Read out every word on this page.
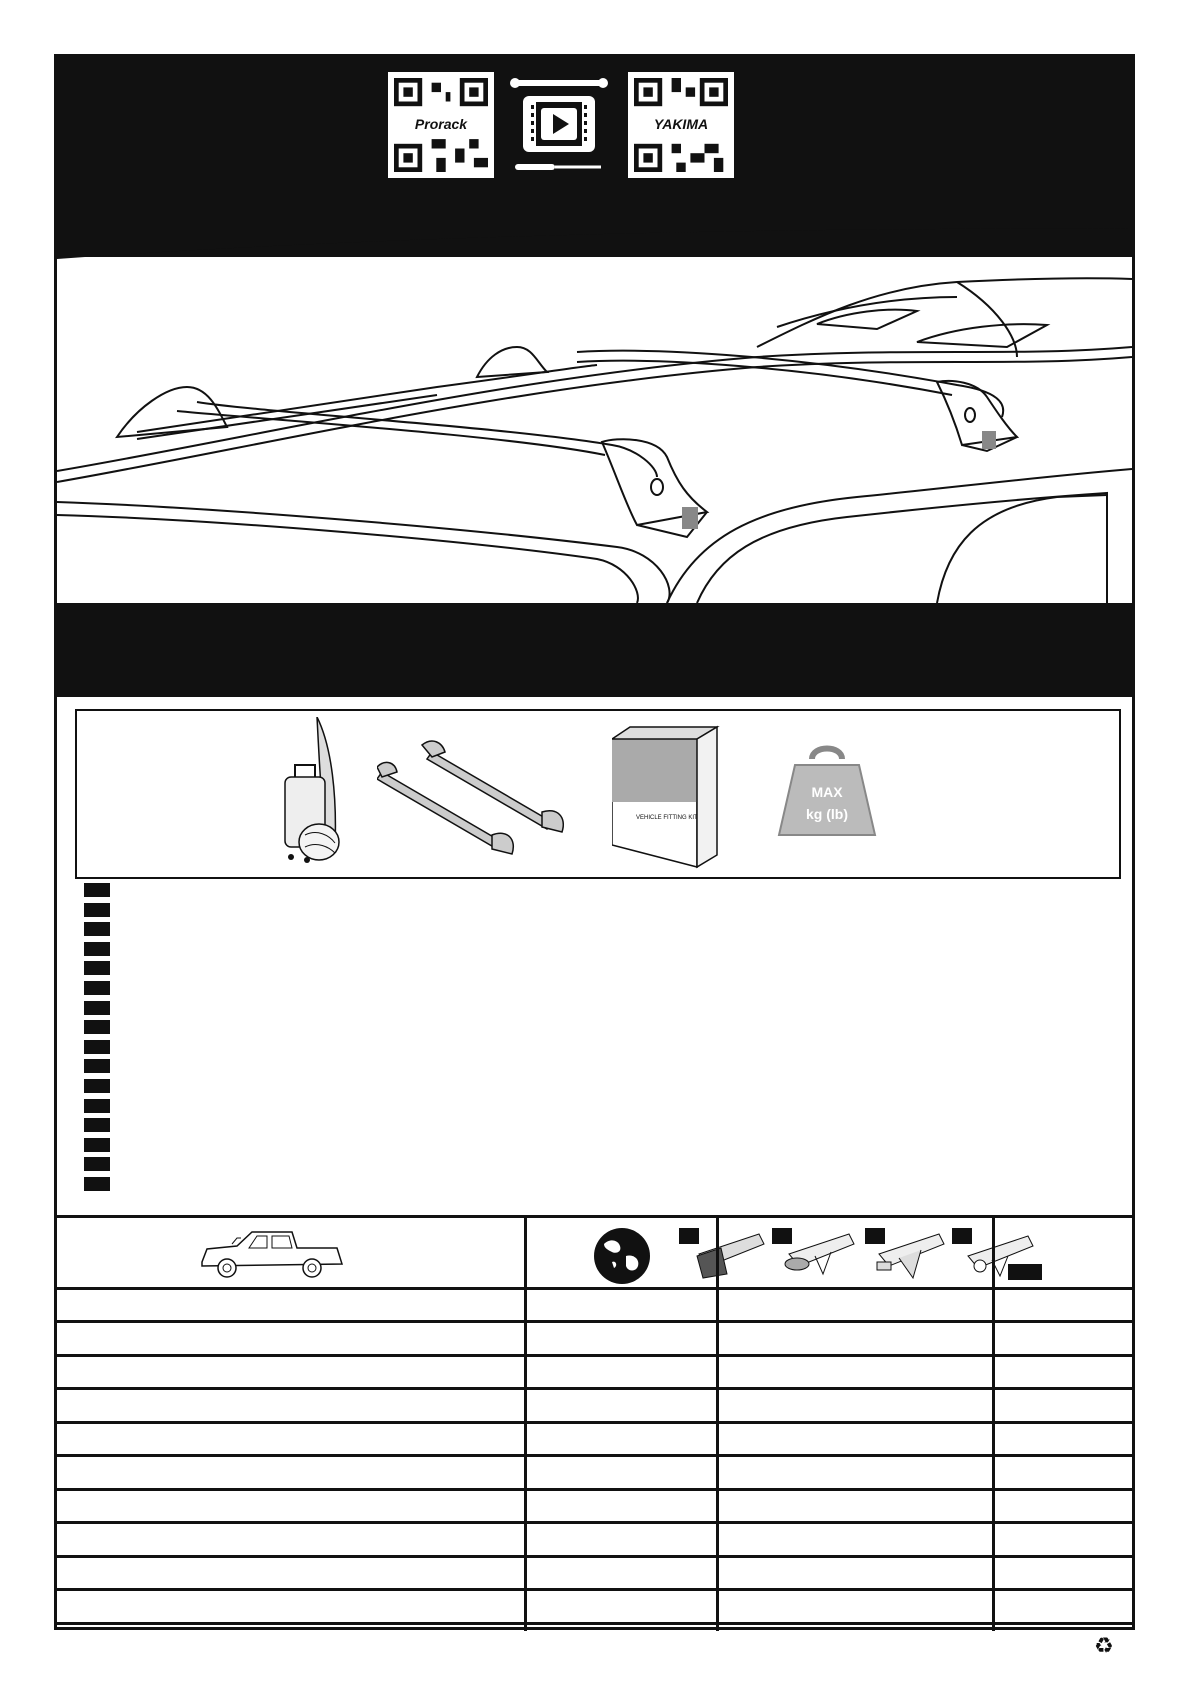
Prorack	YAKIMA
VEHICLE FITTING KIT
MAX
kg (lb)
♻
